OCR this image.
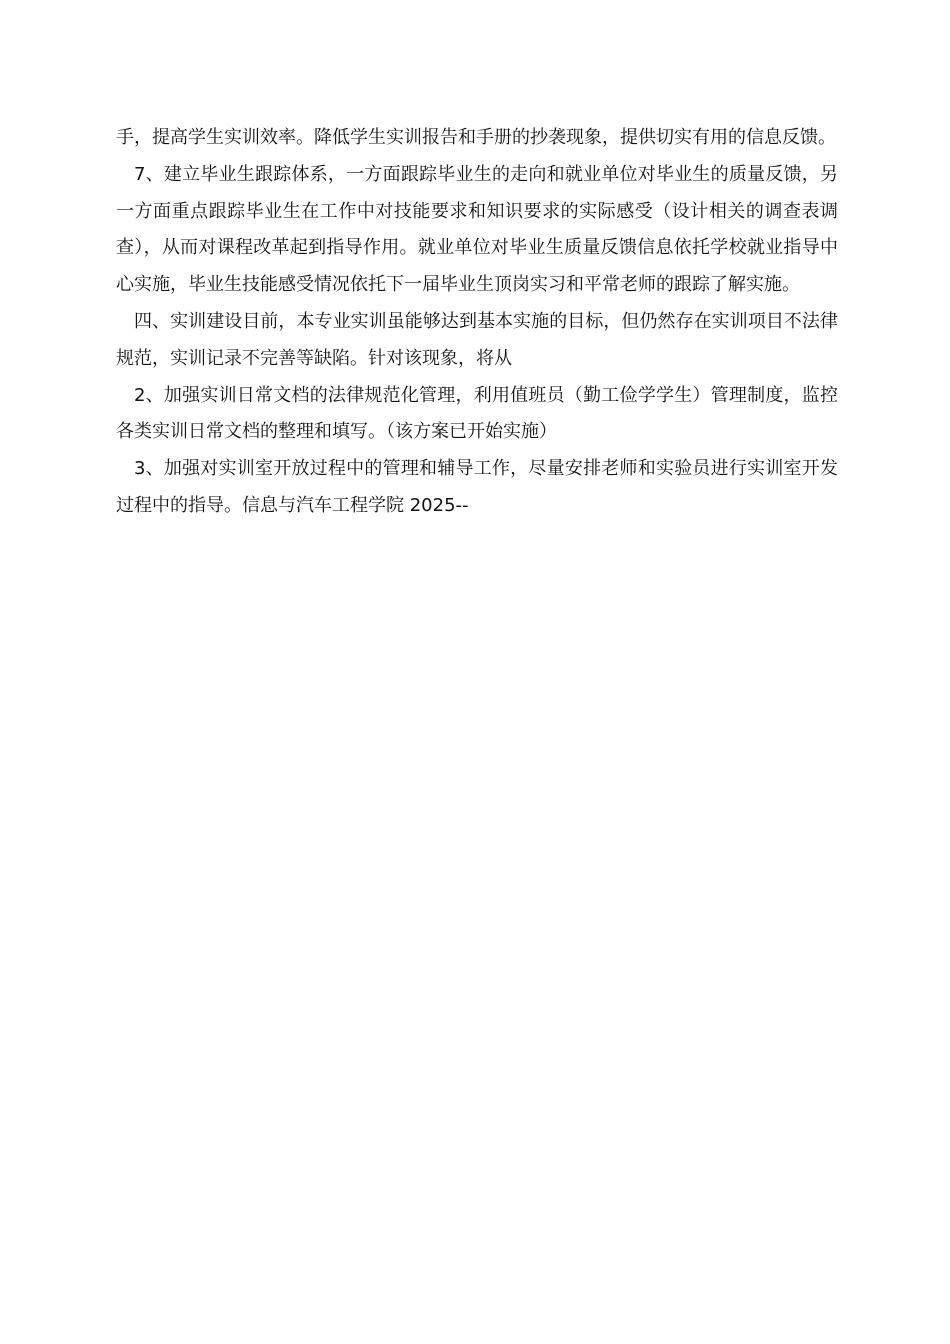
手，提高学生实训效率。降低学生实训报告和手册的抄袭现象，提供切实有用的信息反馈。

7、建立毕业生跟踪体系，一方面跟踪毕业生的走向和就业单位对毕业生的质量反馈，另一方面重点跟踪毕业生在工作中对技能要求和知识要求的实际感受（设计相关的调查表调查），从而对课程改革起到指导作用。就业单位对毕业生质量反馈信息依托学校就业指导中心实施，毕业生技能感受情况依托下一届毕业生顶岗实习和平常老师的跟踪了解实施。

四、实训建设目前，本专业实训虽能够达到基本实施的目标，但仍然存在实训项目不法律规范，实训记录不完善等缺陷。针对该现象，将从

2、加强实训日常文档的法律规范化管理，利用值班员（勤工俭学学生）管理制度，监控各类实训日常文档的整理和填写。（该方案已开始实施）

3、加强对实训室开放过程中的管理和辅导工作，尽量安排老师和实验员进行实训室开发过程中的指导。信息与汽车工程学院 2025--
